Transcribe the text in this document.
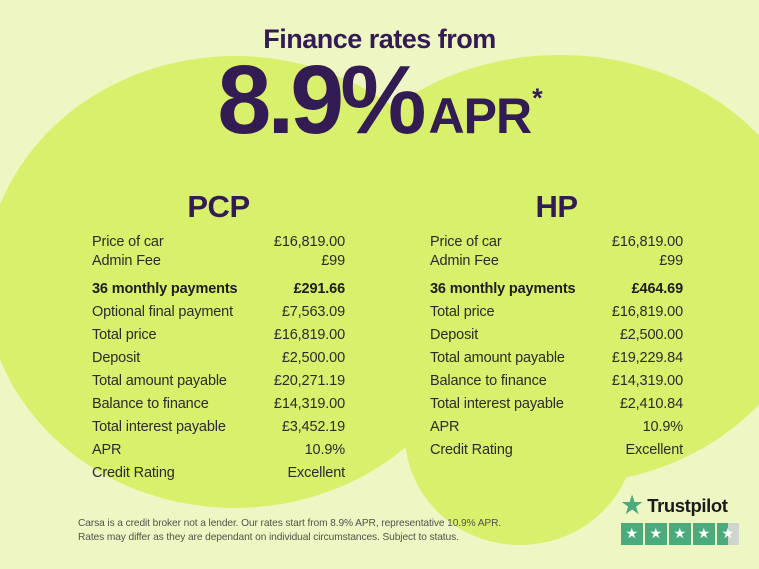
Finance rates from
8.9% APR *
PCP
Price of car	£16,819.00
Admin Fee	£99
36 monthly payments	£291.66
Optional final payment	£7,563.09
Total price	£16,819.00
Deposit	£2,500.00
Total amount payable	£20,271.19
Balance to finance	£14,319.00
Total interest payable	£3,452.19
APR	10.9%
Credit Rating	Excellent
HP
Price of car	£16,819.00
Admin Fee	£99
36 monthly payments	£464.69
Total price	£16,819.00
Deposit	£2,500.00
Total amount payable	£19,229.84
Balance to finance	£14,319.00
Total interest payable	£2,410.84
APR	10.9%
Credit Rating	Excellent
Carsa is a credit broker not a lender. Our rates start from 8.9% APR, representative 10.9% APR.
Rates may differ as they are dependant on individual circumstances. Subject to status.
★ Trustpilot
★ ★ ★ ★ ★
